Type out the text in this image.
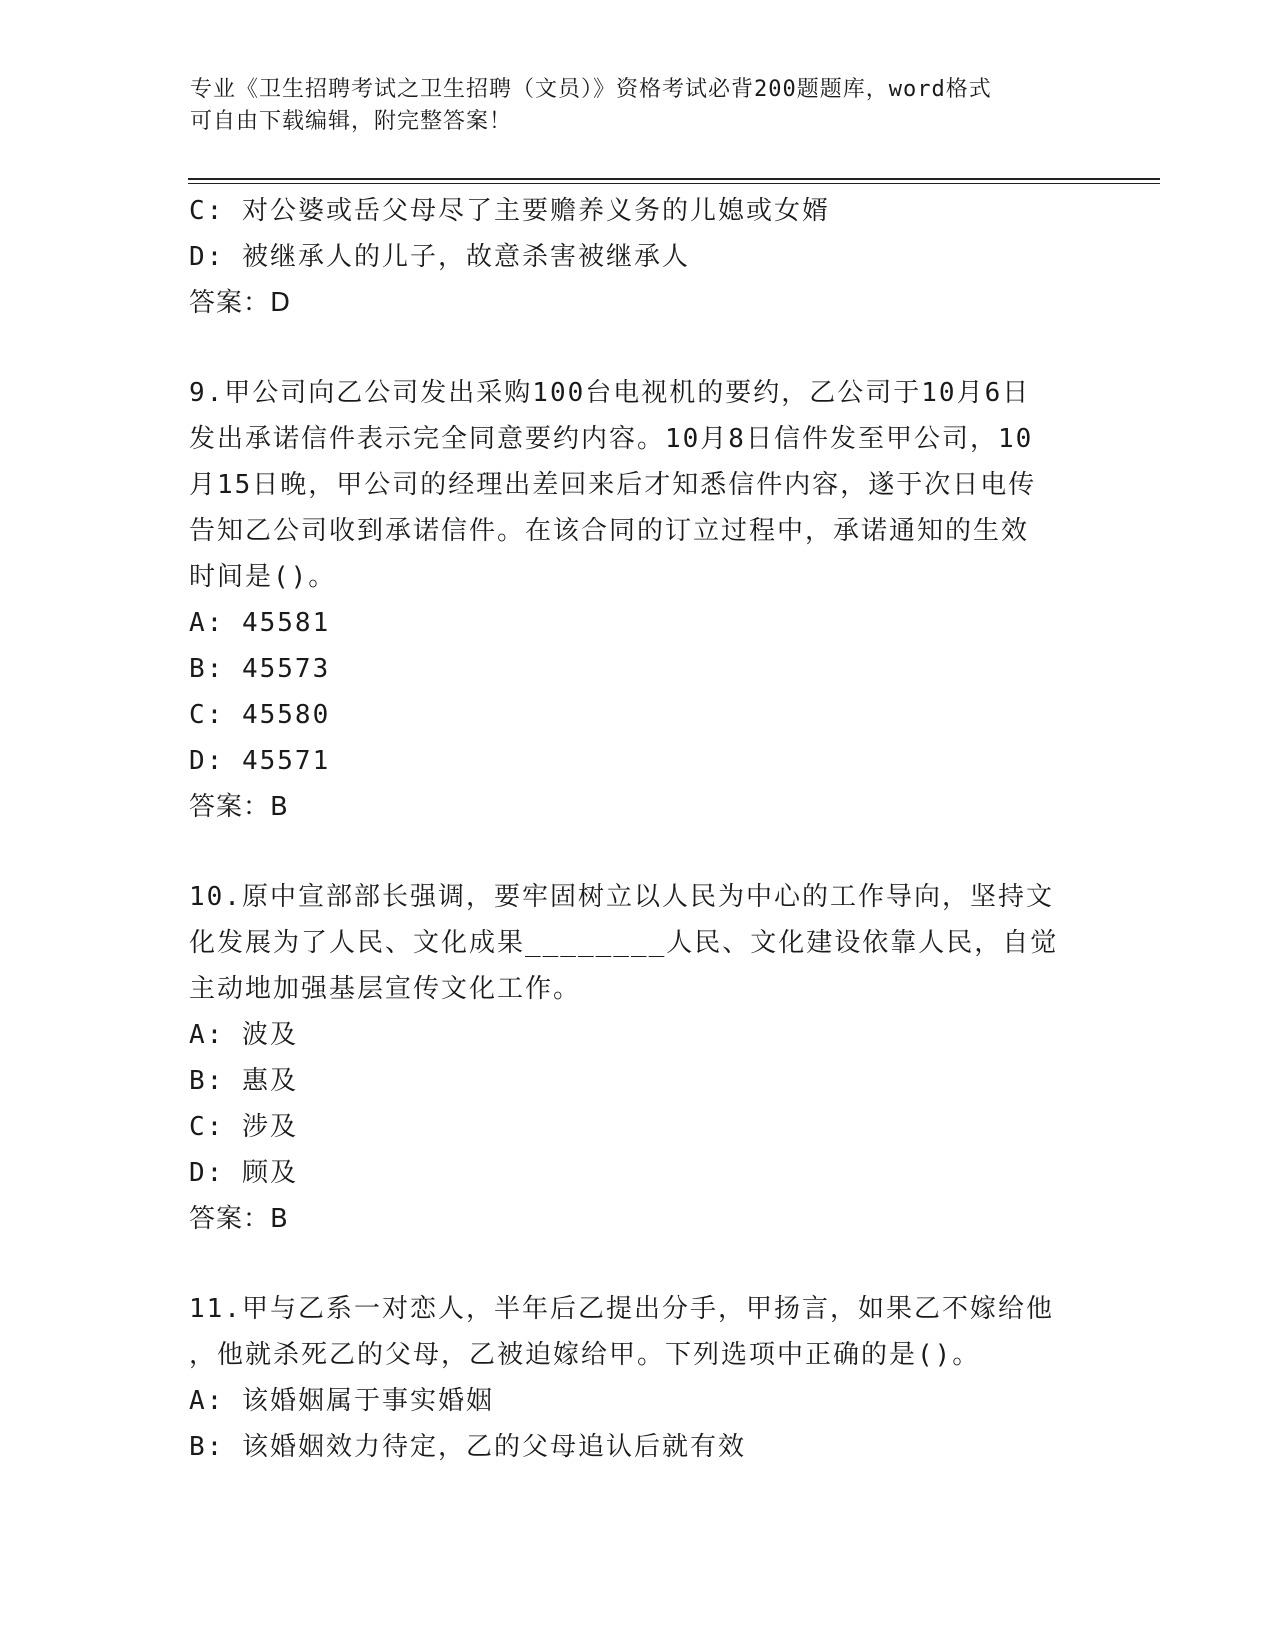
专业《卫生招聘考试之卫生招聘（文员）》资格考试必背200题题库，word格式
可自由下载编辑，附完整答案！
C: 对公婆或岳父母尽了主要赡养义务的儿媳或女婿
D: 被继承人的儿子，故意杀害被继承人
答案：D
9.甲公司向乙公司发出采购100台电视机的要约，乙公司于10月6日
发出承诺信件表示完全同意要约内容。10月8日信件发至甲公司，10
月15日晚，甲公司的经理出差回来后才知悉信件内容，遂于次日电传
告知乙公司收到承诺信件。在该合同的订立过程中，承诺通知的生效
时间是()。
A: 45581
B: 45573
C: 45580
D: 45571
答案：B
10.原中宣部部长强调，要牢固树立以人民为中心的工作导向，坚持文
化发展为了人民、文化成果________人民、文化建设依靠人民，自觉
主动地加强基层宣传文化工作。
A: 波及
B: 惠及
C: 涉及
D: 顾及
答案：B
11.甲与乙系一对恋人，半年后乙提出分手，甲扬言，如果乙不嫁给他
，他就杀死乙的父母，乙被迫嫁给甲。下列选项中正确的是()。
A: 该婚姻属于事实婚姻
B: 该婚姻效力待定，乙的父母追认后就有效
